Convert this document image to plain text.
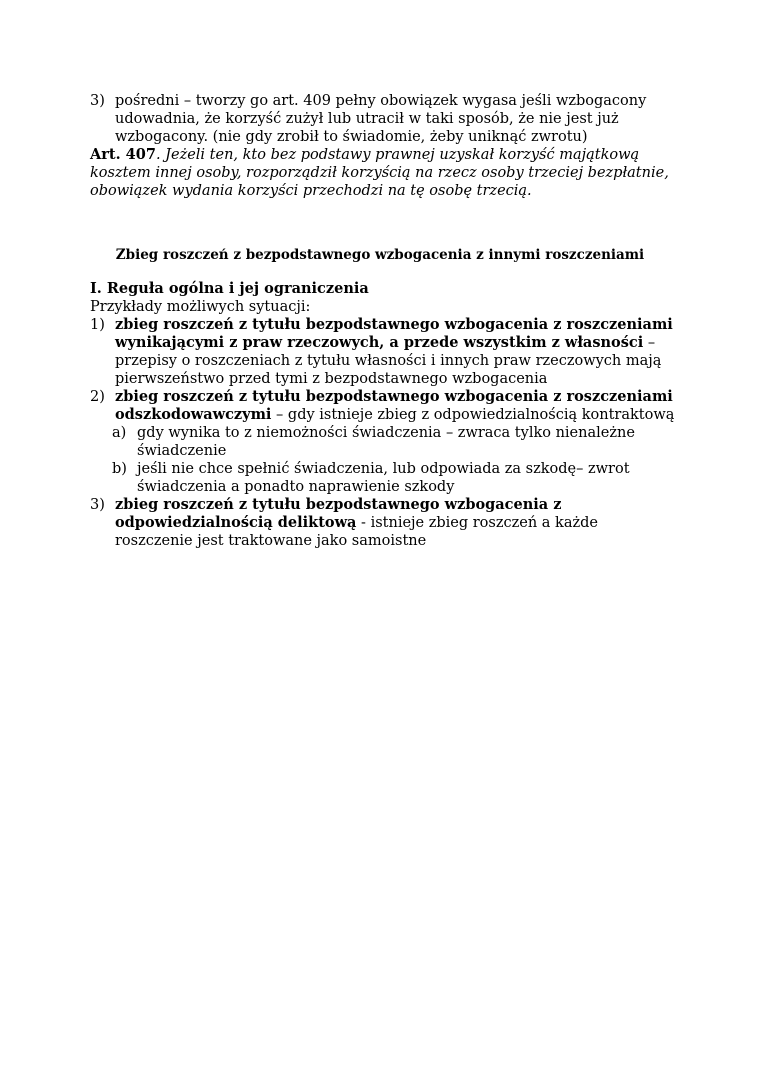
3) pośredni – tworzy go art. 409 pełny obowiązek wygasa jeśli wzbogacony udowadnia, że korzyść zużył lub utracił w taki sposób, że nie jest już wzbogacony. (nie gdy zrobił to świadomie, żeby uniknąć zwrotu)

Art. 407. Jeżeli ten, kto bez podstawy prawnej uzyskał korzyść majątkową kosztem innej osoby, rozporządził korzyścią na rzecz osoby trzeciej bezpłatnie, obowiązek wydania korzyści przechodzi na tę osobę trzecią.

Zbieg roszczeń z bezpodstawnego wzbogacenia z innymi roszczeniami

I. Reguła ogólna i jej ograniczenia

Przykłady możliwych sytuacji:

1) zbieg roszczeń z tytułu bezpodstawnego wzbogacenia z roszczeniami wynikającymi z praw rzeczowych, a przede wszystkim z własności – przepisy o roszczeniach z tytułu własności i innych praw rzeczowych mają pierwszeństwo przed tymi z bezpodstawnego wzbogacenia

2) zbieg roszczeń z tytułu bezpodstawnego wzbogacenia z roszczeniami odszkodowawczymi – gdy istnieje zbieg z odpowiedzialnością kontraktową

a) gdy wynika to z niemożności świadczenia – zwraca tylko nienależne świadczenie

b) jeśli nie chce spełnić świadczenia, lub odpowiada za szkodę– zwrot świadczenia a ponadto naprawienie szkody

3) zbieg roszczeń z tytułu bezpodstawnego wzbogacenia z odpowiedzialnością deliktową - istnieje zbieg roszczeń a każde roszczenie jest traktowane jako samoistne
